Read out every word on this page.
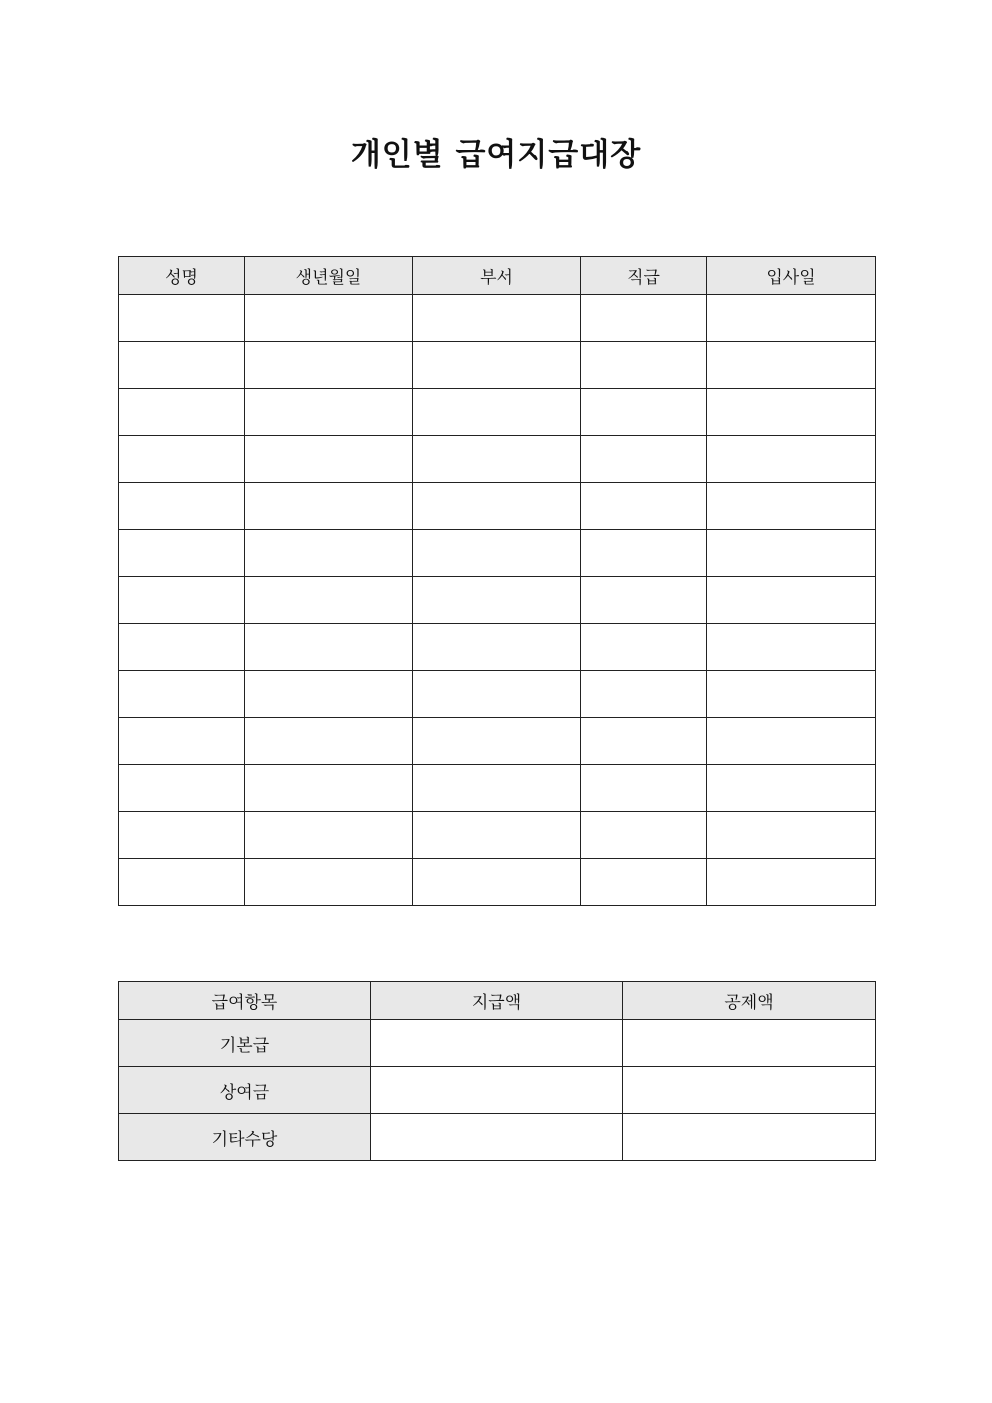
개인별 급여지급대장
성명	생년월일	부서	직급	입사일

급여항목	지급액	공제액
기본급		
상여금		
기타수당		
